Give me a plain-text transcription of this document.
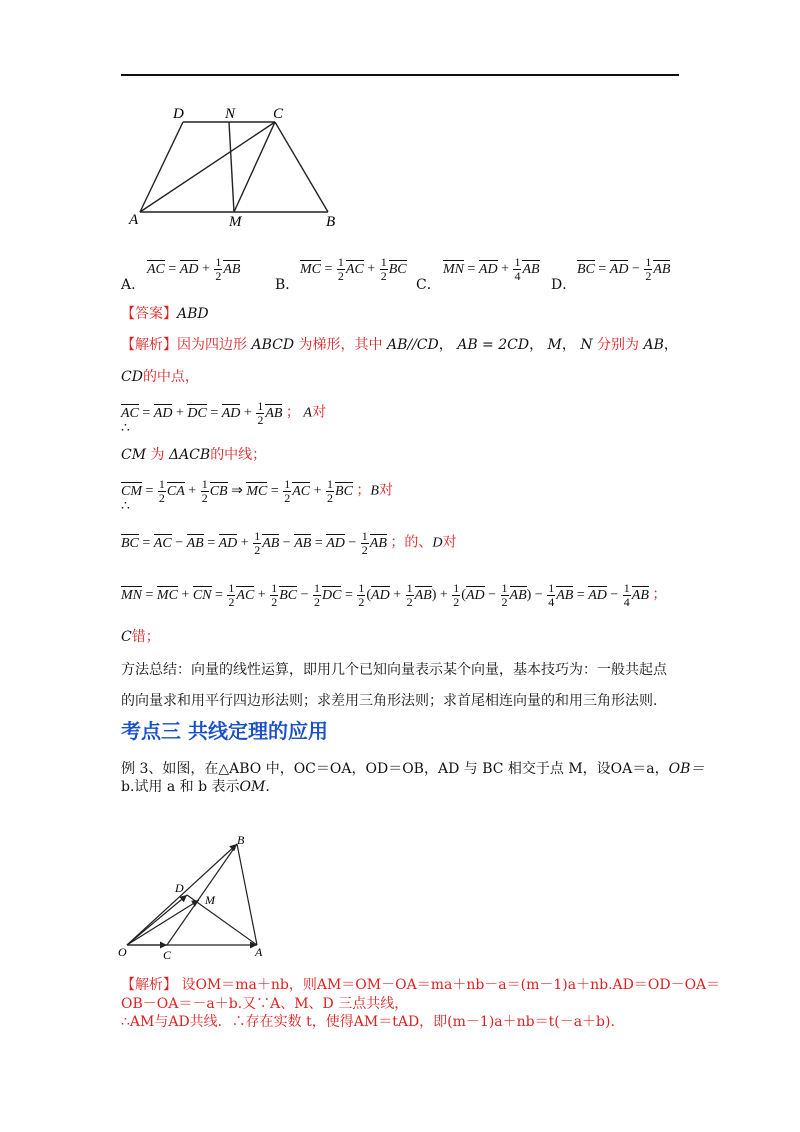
D	N	C
A	M	B
A.
AC = AD + $\frac{1}{2}$ AB
B．
MC = $\frac{1}{2}$ AC + $\frac{1}{2}$ BC
C．
MN = AD + $\frac{1}{4}$ AB
D．
BC = AD − $\frac{1}{2}$ AB
【答案】ABD
【解析】因为四边形 ABCD 为梯形，其中 AB//CD， AB = 2CD， M， N 分别为 AB，
CD的中点，
AC = AD + DC = AD + $\frac{1}{2}$ AB ； A对
∴
CM 为 ΔACB的中线；
CM = $\frac{1}{2}$ CA + $\frac{1}{2}$ CB ⇒ MC = $\frac{1}{2}$ AC + $\frac{1}{2}$ BC ；B对
∴
BC = AC − AB = AD + $\frac{1}{2}$ AB − AB = AD − $\frac{1}{2}$ AB ；的、D对
MN = MC + CN = $\frac{1}{2}$ AC + $\frac{1}{2}$ BC − $\frac{1}{2}$ DC = $\frac{1}{2} (AD + \frac{1}{2} AB) + \frac{1}{2} (AD - \frac{1}{2} AB) - \frac{1}{4}$ AB = AD − $\frac{1}{4}$ AB ；
C错；
方法总结：向量的线性运算，即用几个已知向量表示某个向量，基本技巧为：一般共起点
的向量求和用平行四边形法则；求差用三角形法则；求首尾相连向量的和用三角形法则.
考点三 共线定理的应用
例 3、如图，在△ABO 中，OC＝OA，OD＝OB，AD 与 BC 相交于点 M，设OA＝a，OB＝
b.试用 a 和 b 表示OM.
B
D
M
O	C	A
【解析】 设OM＝ma＋nb，则AM＝OM－OA＝ma＋nb－a＝(m－1)a＋nb.AD＝OD－OA＝
OB－OA＝－a＋b.又∵A、M、D 三点共线，
∴AM与AD共线．∴存在实数 t，使得AM＝tAD，即(m－1)a＋nb＝t(－a＋b).
